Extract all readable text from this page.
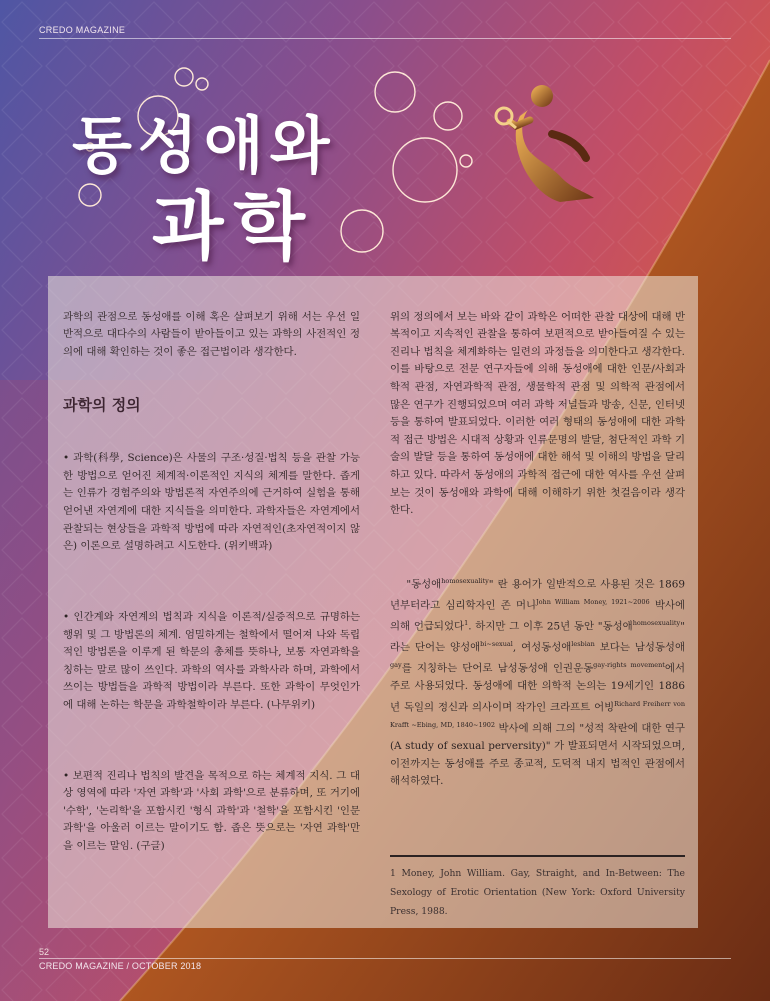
CREDO MAGAZINE
동성애와
과학

과학의 관점으로 동성애를 이해 혹은 살펴보기 위해 서는 우선 일반적으로 대다수의 사람들이 받아들이고 있는 과학의 사전적인 정의에 대해 확인하는 것이 좋은 접근법이라 생각한다.

과학의 정의

• 과학(科學, Science)은 사물의 구조·성질·법칙 등을 관찰 가능한 방법으로 얻어진 체계적·이론적인 지식의 체계를 말한다. 좁게는 인류가 경험주의와 방법론적 자연주의에 근거하여 실험을 통해 얻어낸 자연계에 대한 지식들을 의미한다. 과학자들은 자연계에서 관찰되는 현상들을 과학적 방법에 따라 자연적인(초자연적이지 않은) 이론으로 설명하려고 시도한다. (위키백과)

• 인간계와 자연계의 법칙과 지식을 이론적/실증적으로 규명하는 행위 및 그 방법론의 체계. 엄밀하게는 철학에서 떨어져 나와 독립적인 방법론을 이루게 된 학문의 총체를 뜻하나, 보통 자연과학을 칭하는 말로 많이 쓰인다. 과학의 역사를 과학사라 하며, 과학에서 쓰이는 방법들을 과학적 방법이라 부른다. 또한 과학이 무엇인가에 대해 논하는 학문을 과학철학이라 부른다. (나무위키)

• 보편적 진리나 법칙의 발견을 목적으로 하는 체계적 지식. 그 대상 영역에 따라 '자연 과학'과 '사회 과학'으로 분류하며, 또 거기에 '수학', '논리학'을 포함시킨 '형식 과학'과 '철학'을 포함시킨 '인문 과학'을 아울러 이르는 말이기도 함. 좁은 뜻으로는 '자연 과학'만을 이르는 말임. (구글)

위의 정의에서 보는 바와 같이 과학은 어떠한 관찰 대상에 대해 반복적이고 지속적인 관찰을 통하여 보편적으로 받아들여질 수 있는 진리나 법칙을 체계화하는 일련의 과정들을 의미한다고 생각한다. 이를 바탕으로 전문 연구자들에 의해 동성애에 대한 인문/사회과학적 관점, 자연과학적 관점, 생물학적 관점 및 의학적 관점에서 많은 연구가 진행되었으며 여러 과학 저널들과 방송, 신문, 인터넷 등을 통하여 발표되었다. 이러한 여러 형태의 동성애에 대한 과학적 접근 방법은 시대적 상황과 인류문명의 발달, 첨단적인 과학 기술의 발달 등을 통하여 동성애에 대한 해석 및 이해의 방법을 달리하고 있다. 따라서 동성애의 과학적 접근에 대한 역사를 우선 살펴보는 것이 동성애와 과학에 대해 이해하기 위한 첫걸음이라 생각한다.

"동성애$^{homosexuality}$" 란 용어가 일반적으로 사용된 것은 1869년부터라고 심리학자인 존 머니$^{John William Money, 1921\sim 2006}$ 박사에 의해 언급되었다$^1$. 하지만 그 이후 25년 동안 "동성애$^{homosexuality}$" 라는 단어는 양성애$^{bi\sim sexual}$, 여성동성애$^{lesbian}$ 보다는 남성동성애$^{gay}$를 지칭하는 단어로 남성동성애 인권운동$^{gay-rights movement}$에서 주로 사용되었다. 동성애에 대한 의학적 논의는 19세기인 1886년 독일의 정신과 의사이며 작가인 크라프트 어빙$^{Richard Freiherr von Krafft \sim Ebing, MD, 1840\sim 1902}$ 박사에 의해 그의 "성적 착란에 대한 연구(A study of sexual perversity)" 가 발표되면서 시작되었으며, 이전까지는 동성애를 주로 종교적, 도덕적 내지 법적인 관점에서 해석하였다.

1 Money, John William. Gay, Straight, and In-Between: The Sexology of Erotic Orientation (New York: Oxford University Press, 1988.
52
CREDO MAGAZINE / OCTOBER 2018
